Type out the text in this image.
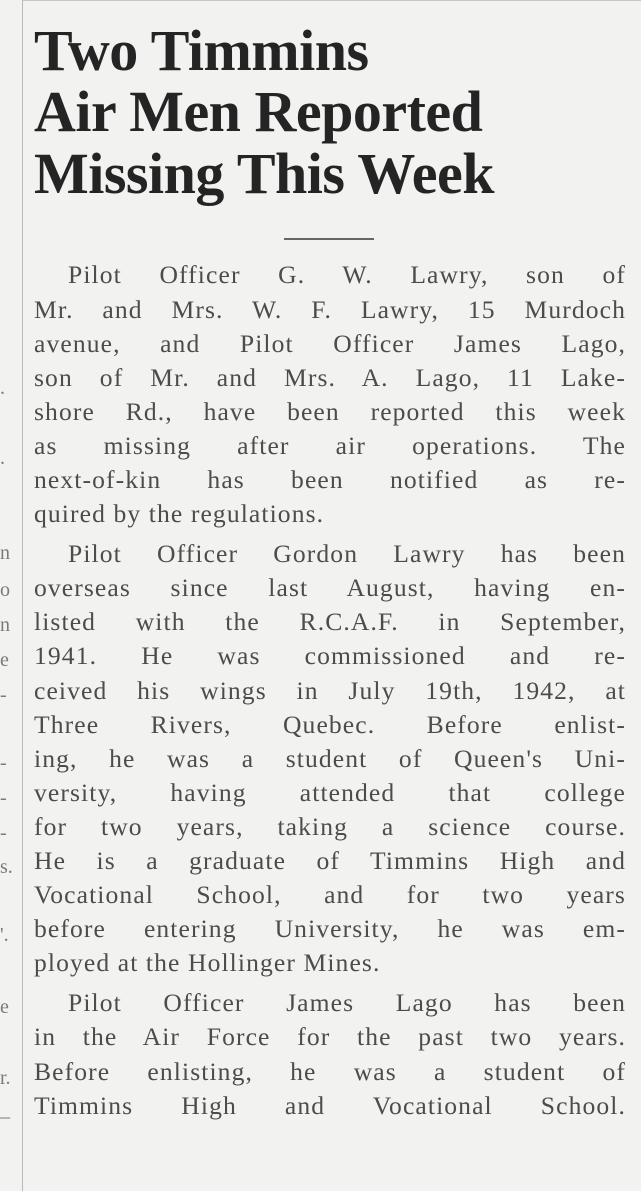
.
.
n
o
n
e
-
-
-
-
s.
'.
e
r.
_
Two Timmins
Air Men Reported
Missing This Week
Pilot Officer G. W. Lawry, son of
Mr. and Mrs. W. F. Lawry, 15 Murdoch
avenue, and Pilot Officer James Lago,
son of Mr. and Mrs. A. Lago, 11 Lake-
shore Rd., have been reported this week
as missing after air operations. The
next-of-kin has been notified as re-
quired by the regulations.
Pilot Officer Gordon Lawry has been
overseas since last August, having en-
listed with the R.C.A.F. in September,
1941. He was commissioned and re-
ceived his wings in July 19th, 1942, at
Three Rivers, Quebec. Before enlist-
ing, he was a student of Queen's Uni-
versity, having attended that college
for two years, taking a science course.
He is a graduate of Timmins High and
Vocational School, and for two years
before entering University, he was em-
ployed at the Hollinger Mines.
Pilot Officer James Lago has been
in the Air Force for the past two years.
Before enlisting, he was a student of
Timmins High and Vocational School.
